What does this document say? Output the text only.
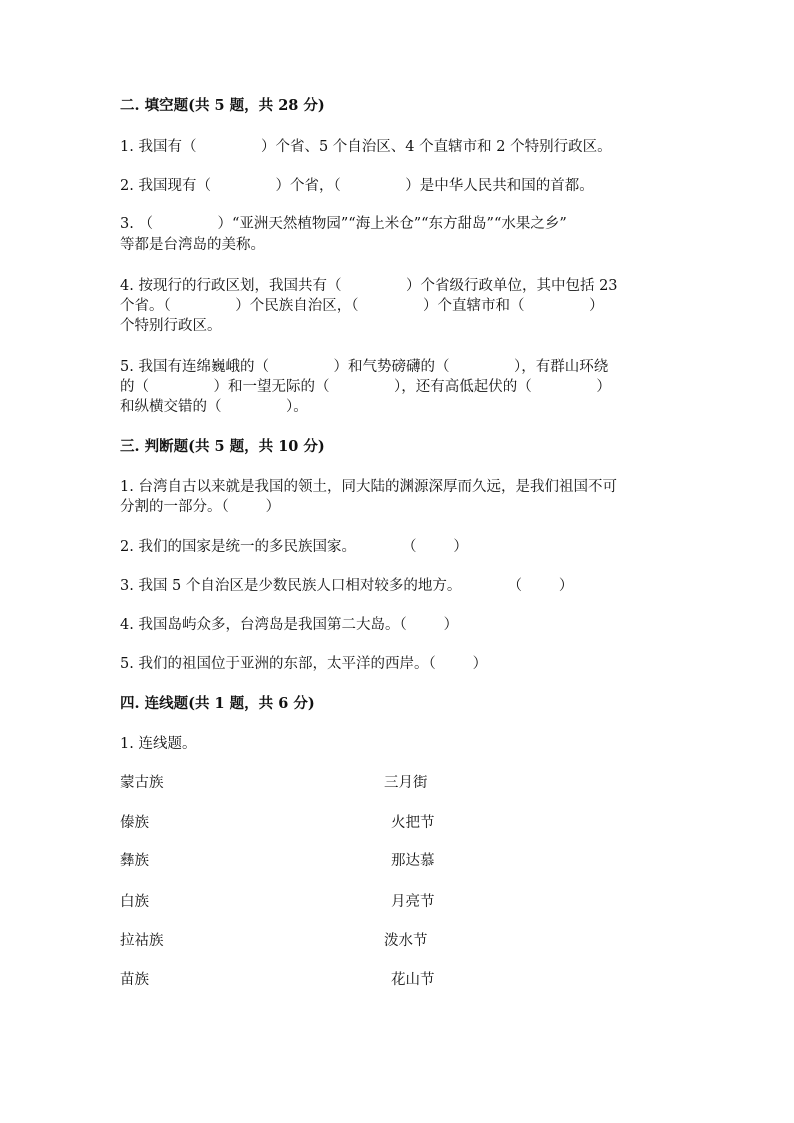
二. 填空题(共 5 题，共 28 分)
1. 我国有（              ）个省、5 个自治区、4 个直辖市和 2 个特别行政区。
2. 我国现有（              ）个省，（              ）是中华人民共和国的首都。
3. （              ）“亚洲天然植物园”“海上米仓”“东方甜岛”“水果之乡”
等都是台湾岛的美称。
4. 按现行的行政区划，我国共有（              ）个省级行政单位，其中包括 23
个省。（              ）个民族自治区，（              ）个直辖市和（              ）
个特别行政区。
5. 我国有连绵巍峨的（              ）和气势磅礴的（              ），有群山环绕
的（              ）和一望无际的（              ），还有高低起伏的（              ）
和纵横交错的（              ）。
三. 判断题(共 5 题，共 10 分)
1. 台湾自古以来就是我国的领土，同大陆的渊源深厚而久远，是我们祖国不可
分割的一部分。（        ）
2. 我们的国家是统一的多民族国家。          （        ）
3. 我国 5 个自治区是少数民族人口相对较多的地方。          （        ）
4. 我国岛屿众多，台湾岛是我国第二大岛。（        ）
5. 我们的祖国位于亚洲的东部，太平洋的西岸。（        ）
四. 连线题(共 1 题，共 6 分)
1. 连线题。
蒙古族
傣族
彝族
白族
拉祜族
苗族
三月街
火把节
那达慕
月亮节
泼水节
花山节
